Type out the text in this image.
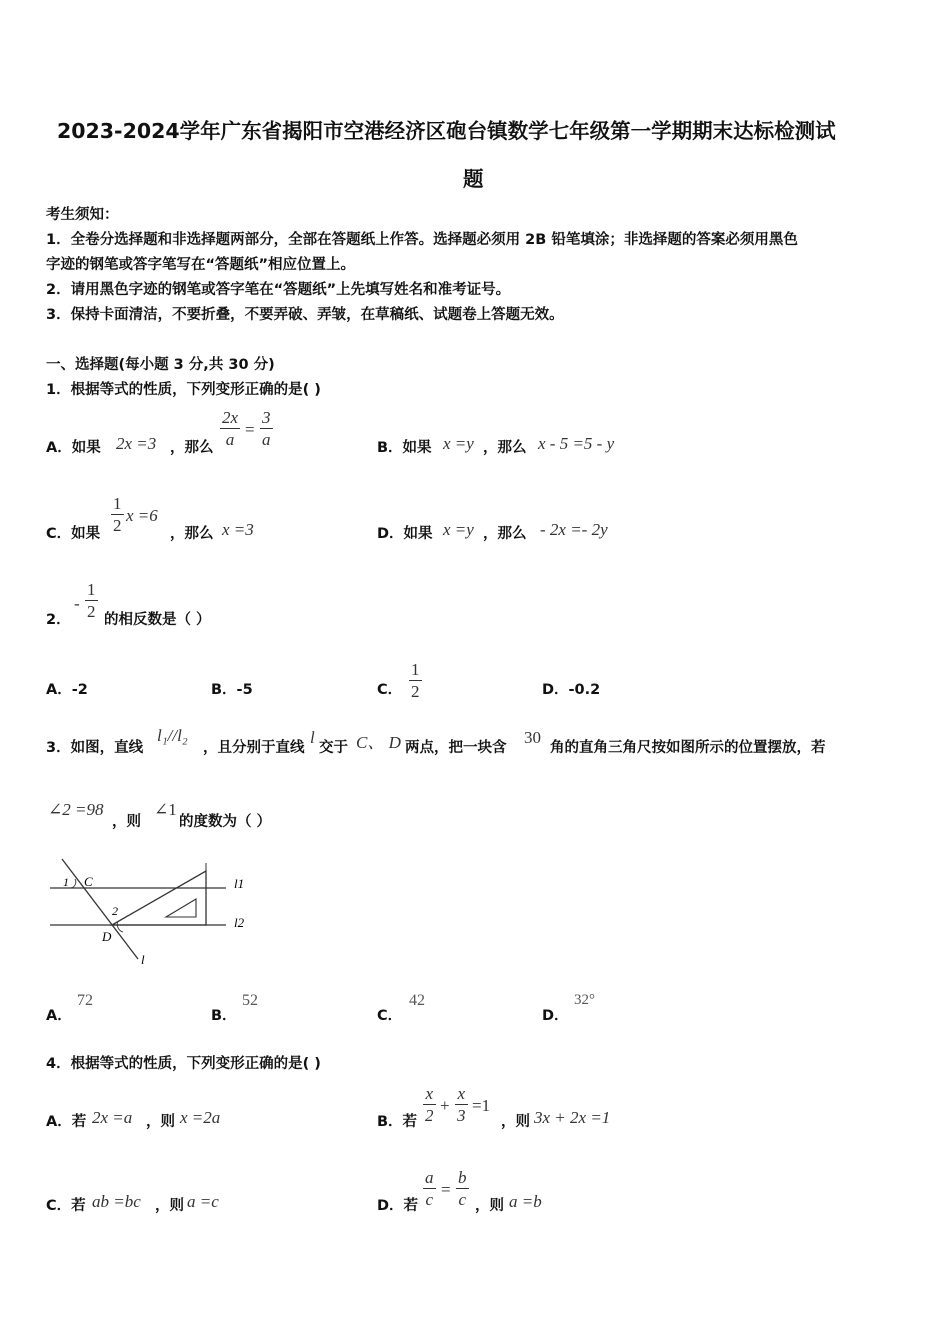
2023-2024学年广东省揭阳市空港经济区砲台镇数学七年级第一学期期末达标检测试
题
考生须知：
1．全卷分选择题和非选择题两部分，全部在答题纸上作答。选择题必须用 2B 铅笔填涂；非选择题的答案必须用黑色
字迹的钢笔或答字笔写在“答题纸”相应位置上。
2．请用黑色字迹的钢笔或答字笔在“答题纸”上先填写姓名和准考证号。
3．保持卡面清洁，不要折叠，不要弄破、弄皱，在草稿纸、试题卷上答题无效。
一、选择题(每小题 3 分,共 30 分)
1．根据等式的性质，下列变形正确的是( )
A．如果 2x =3 ，那么 $\frac{2x}{a} = \frac{3}{a}$	B．如果 x =y ，那么 x - 5 =5 - y
C．如果 $\frac{1}{2}$ x =6
，那么 x =3	D．如果 x =y ，那么 - 2x =- 2y
2．
- $\frac{1}{2}$ 的相反数是（ ）
A．-2	B．-5	C． $\frac{1}{2}$	D．-0.2
3．如图，直线
l₁//l₂
，且分别于直线
l
交于 C、 D 两点，把一块含
30
角的直角三角尺按如图所示的位置摆放，若
∠2 =98
，则
∠1
的度数为（ ）
1 C
2
D
l
l1
l2
A．
72
B．
52
C．
42
D．
32°
4．根据等式的性质，下列变形正确的是( )
A．若 2x =a ，则 x =2a	B．若 $\frac{x}{2} + \frac{x}{3} =1$
，则 3x + 2x =1
C．若 ab =bc ，则 a =c	D．若 $\frac{a}{c} = \frac{b}{c}$ ，则 a =b
